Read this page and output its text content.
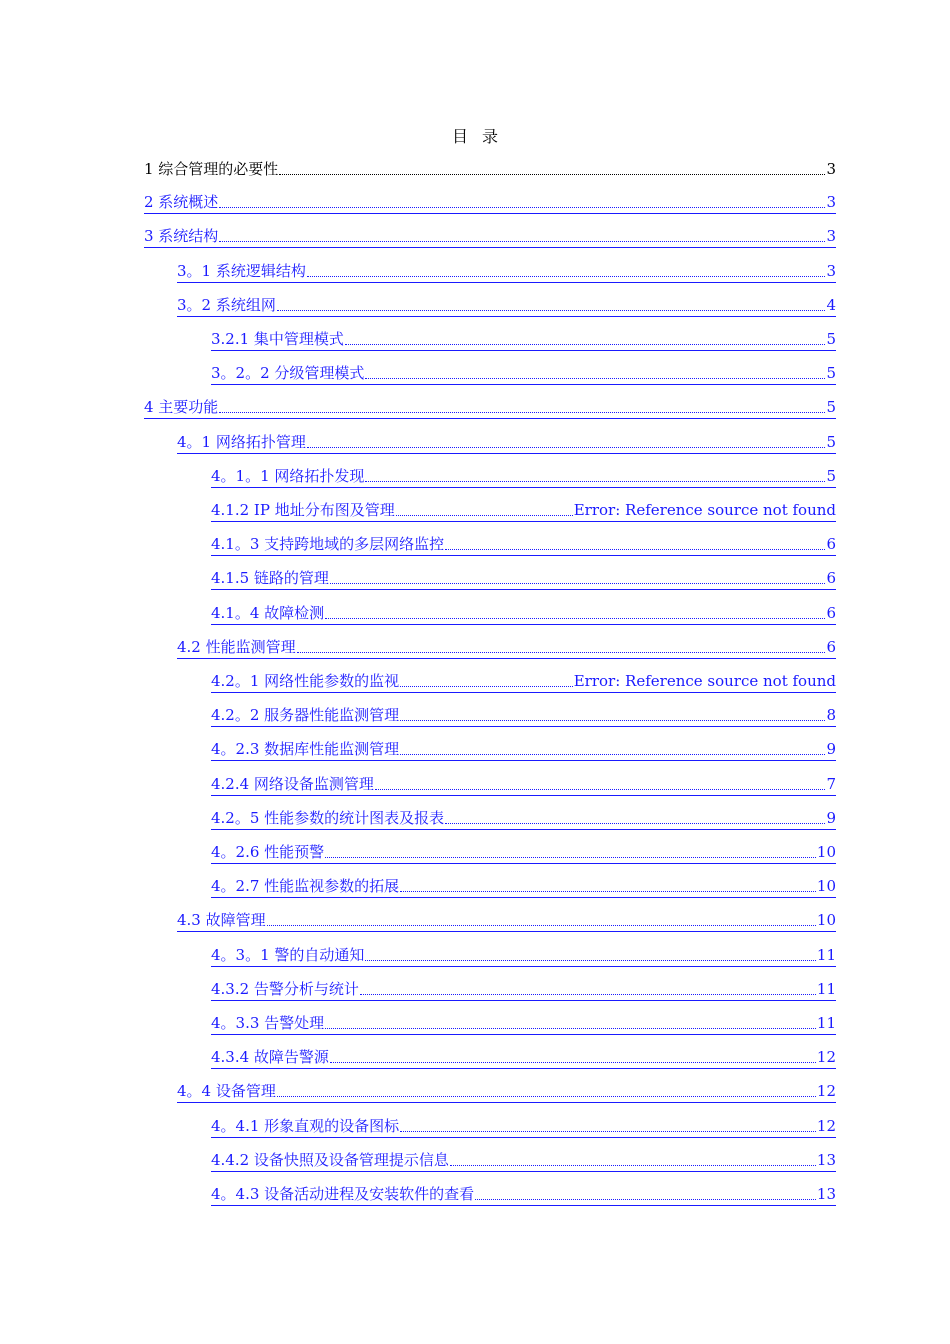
目 录
1 综合管理的必要性	3
2 系统概述	3
3 系统结构	3
3。1 系统逻辑结构	3
3。2 系统组网	4
3.2.1 集中管理模式	5
3。2。2 分级管理模式	5
4 主要功能	5
4。1 网络拓扑管理	5
4。1。1 网络拓扑发现	5
4.1.2 IP 地址分布图及管理	Error: Reference source not found
4.1。3 支持跨地域的多层网络监控	6
4.1.5 链路的管理	6
4.1。4 故障检测	6
4.2 性能监测管理	6
4.2。1 网络性能参数的监视	Error: Reference source not found
4.2。2 服务器性能监测管理	8
4。2.3 数据库性能监测管理	9
4.2.4 网络设备监测管理	7
4.2。5 性能参数的统计图表及报表	9
4。2.6 性能预警	10
4。2.7 性能监视参数的拓展	10
4.3 故障管理	10
4。3。1 警的自动通知	11
4.3.2 告警分析与统计	11
4。3.3 告警处理	11
4.3.4 故障告警源	12
4。4 设备管理	12
4。4.1 形象直观的设备图标	12
4.4.2 设备快照及设备管理提示信息	13
4。4.3 设备活动进程及安装软件的查看	13
